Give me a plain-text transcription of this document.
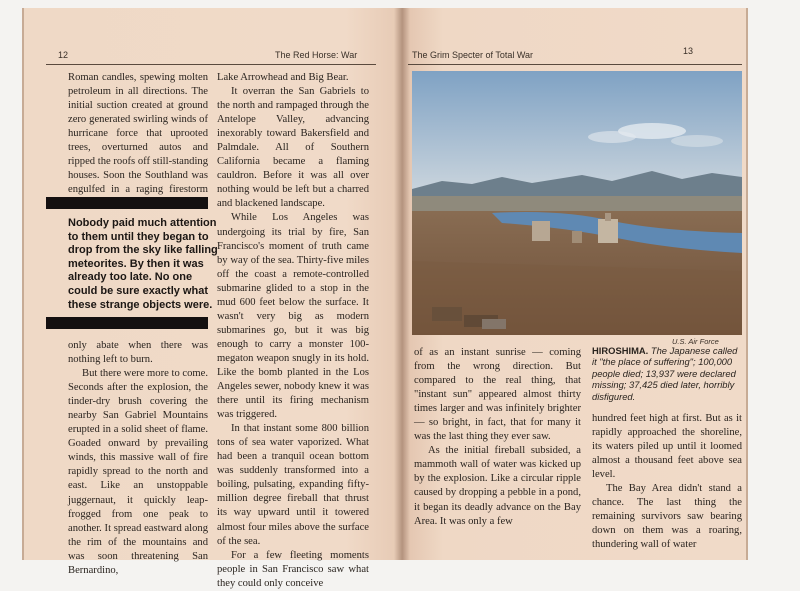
12	The Red Horse: War

Roman candles, spewing molten petroleum in all directions. The initial suction created at ground zero generated swirling winds of hurricane force that uprooted trees, overturned autos and ripped the roofs off still-standing houses. Soon the Southland was engulfed in a raging firestorm

Nobody paid much attention to them until they began to drop from the sky like falling meteorites. By then it was already too late. No one could be sure exactly what these strange objects were.

only abate when there was nothing left to burn.

But there were more to come. Seconds after the explosion, the tinder-dry brush covering the nearby San Gabriel Mountains erupted in a solid sheet of flame. Goaded onward by prevailing winds, this massive wall of fire rapidly spread to the north and east. Like an unstoppable juggernaut, it quickly leap-frogged from one peak to another. It spread eastward along the rim of the mountains and was soon threatening San Bernardino,

Lake Arrowhead and Big Bear.

It overran the San Gabriels to the north and rampaged through the Antelope Valley, advancing inexorably toward Bakersfield and Palmdale. All of Southern California became a flaming cauldron. Before it was all over nothing would be left but a charred and blackened landscape.

While Los Angeles was undergoing its trial by fire, San Francisco's moment of truth came by way of the sea. Thirty-five miles off the coast a remote-controlled submarine glided to a stop in the mud 600 feet below the surface. It wasn't very big as modern submarines go, but it was big enough to carry a monster 100-megaton weapon snugly in its hold. Like the bomb planted in the Los Angeles sewer, nobody knew it was there until its firing mechanism was triggered.

In that instant some 800 billion tons of sea water vaporized. What had been a tranquil ocean bottom was suddenly transformed into a boiling, pulsating, expanding fifty-million degree fireball that thrust its way upward until it towered almost four miles above the surface of the sea.

For a few fleeting moments people in San Francisco saw what they could only conceive

The Grim Specter of Total War	13
U.S. Air Force
HIROSHIMA. The Japanese called it "the place of suffering"; 100,000 people died; 13,937 were declared missing; 37,425 died later, horribly disfigured.

of as an instant sunrise — coming from the wrong direction. But compared to the real thing, that "instant sun" appeared almost thirty times larger and was infinitely brighter — so bright, in fact, that for many it was the last thing they ever saw.

As the initial fireball subsided, a mammoth wall of water was kicked up by the explosion. Like a circular ripple caused by dropping a pebble in a pond, it began its deadly advance on the Bay Area. It was only a few

hundred feet high at first. But as it rapidly approached the shoreline, its waters piled up until it loomed almost a thousand feet above sea level.

The Bay Area didn't stand a chance. The last thing the remaining survivors saw bearing down on them was a roaring, thundering wall of water
